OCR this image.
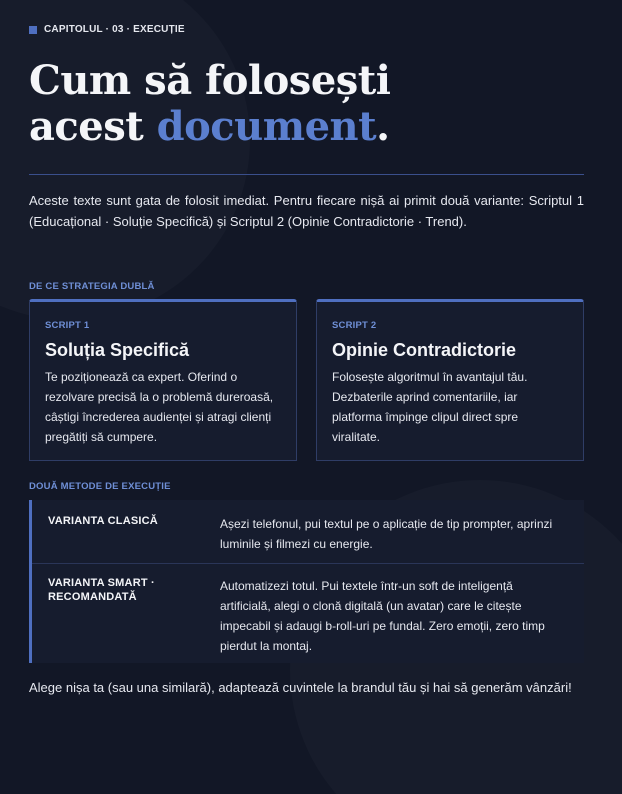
CAPITOLUL · 03 · EXECUȚIE
Cum să folosești
acest document.

Aceste texte sunt gata de folosit imediat. Pentru fiecare nișă ai primit două variante: Scriptul 1 (Educațional · Soluție Specifică) și Scriptul 2 (Opinie Contradictorie · Trend).

DE CE STRATEGIA DUBLĂ
SCRIPT 1
Soluția Specifică
Te poziționează ca expert. Oferind o rezolvare precisă la o problemă dureroasă, câștigi încrederea audienței și atragi clienți pregătiți să cumpere.
SCRIPT 2
Opinie Contradictorie
Folosește algoritmul în avantajul tău. Dezbaterile aprind comentariile, iar platforma împinge clipul direct spre viralitate.
DOUĂ METODE DE EXECUȚIE
VARIANTA CLASICĂ	Așezi telefonul, pui textul pe o aplicație de tip prompter, aprinzi luminile și filmezi cu energie.
VARIANTA SMART · RECOMANDATĂ
Automatizezi totul. Pui textele într-un soft de inteligență artificială, alegi o clonă digitală (un avatar) care le citește impecabil și adaugi b-roll-uri pe fundal. Zero emoții, zero timp pierdut la montaj.

Alege nișa ta (sau una similară), adaptează cuvintele la brandul tău și hai să generăm vânzări!
